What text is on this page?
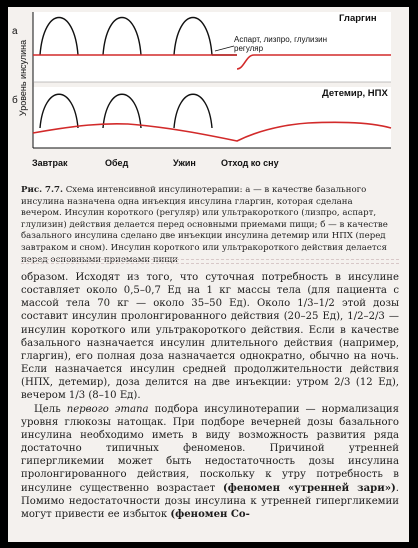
а
б Уровень инсулина
Гларгин
Аспарт, лизпро, глулизин
регуляр
Детемир, НПХ
Завтрак	Обед	Ужин	Отход ко сну
Рис. 7.7. Схема интенсивной инсулинотерапии: а — в качестве базального инсулина назначена одна инъекция инсулина гларгин, которая сделана вечером. Инсулин короткого (регуляр) или ультракороткого (лизпро, аспарт, глулизин) действия делается перед основными приемами пищи; б — в качестве базального инсулина сделано две инъекции инсулина детемир или НПХ (перед завтраком и сном). Инсулин короткого или ультракороткого действия делается перед основными приемами пищи

образом. Исходят из того, что суточная потребность в инсулине составляет около 0,5–0,7 Ед на 1 кг массы тела (для пациента с массой тела 70 кг — около 35–50 Ед). Около 1/3–1/2 этой дозы составит инсулин пролонгированного действия (20–25 Ед), 1/2–2/3 — инсулин короткого или ультракороткого действия. Если в качестве базального назначается инсулин длительного действия (например, гларгин), его полная доза назначается однократно, обычно на ночь. Если назначается инсулин средней продолжительности действия (НПХ, детемир), доза делится на две инъекции: утром 2/3 (12 Ед), вечером 1/3 (8–10 Ед).

Цель первого этапа подбора инсулинотерапии — нормализация уровня глюкозы натощак. При подборе вечерней дозы базального инсулина необходимо иметь в виду возможность развития ряда достаточно типичных феноменов. Причиной утренней гипергликемии может быть недостаточность дозы инсулина пролонгированного действия, поскольку к утру потребность в инсулине существенно возрастает (феномен «утренней зари»). Помимо недостаточности дозы инсулина к утренней гипергликемии могут привести ее избыток (феномен Со-
